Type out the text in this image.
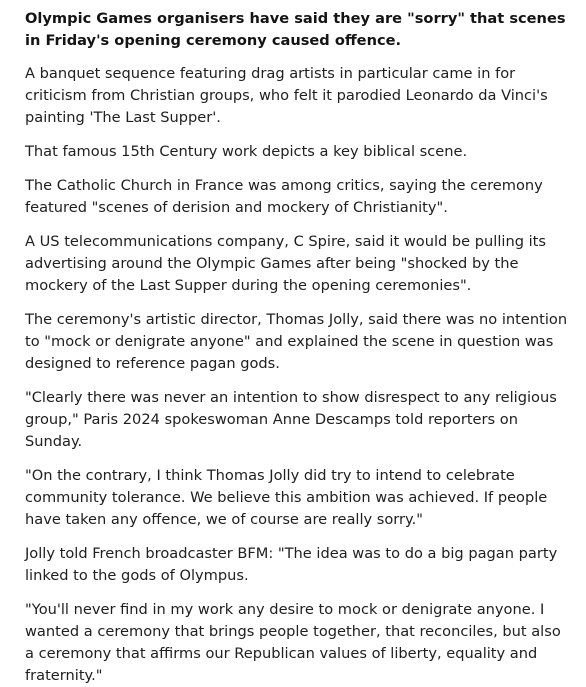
Olympic Games organisers have said they are "sorry" that scenes in Friday's opening ceremony caused offence.

A banquet sequence featuring drag artists in particular came in for criticism from Christian groups, who felt it parodied Leonardo da Vinci's painting 'The Last Supper'.

That famous 15th Century work depicts a key biblical scene.

The Catholic Church in France was among critics, saying the ceremony featured "scenes of derision and mockery of Christianity".

A US telecommunications company, C Spire, said it would be pulling its advertising around the Olympic Games after being "shocked by the mockery of the Last Supper during the opening ceremonies".

The ceremony's artistic director, Thomas Jolly, said there was no intention to "mock or denigrate anyone" and explained the scene in question was designed to reference pagan gods.

"Clearly there was never an intention to show disrespect to any religious group," Paris 2024 spokeswoman Anne Descamps told reporters on Sunday.

"On the contrary, I think Thomas Jolly did try to intend to celebrate community tolerance. We believe this ambition was achieved. If people have taken any offence, we of course are really sorry."

Jolly told French broadcaster BFM: "The idea was to do a big pagan party linked to the gods of Olympus.

"You'll never find in my work any desire to mock or denigrate anyone. I wanted a ceremony that brings people together, that reconciles, but also a ceremony that affirms our Republican values of liberty, equality and fraternity."
